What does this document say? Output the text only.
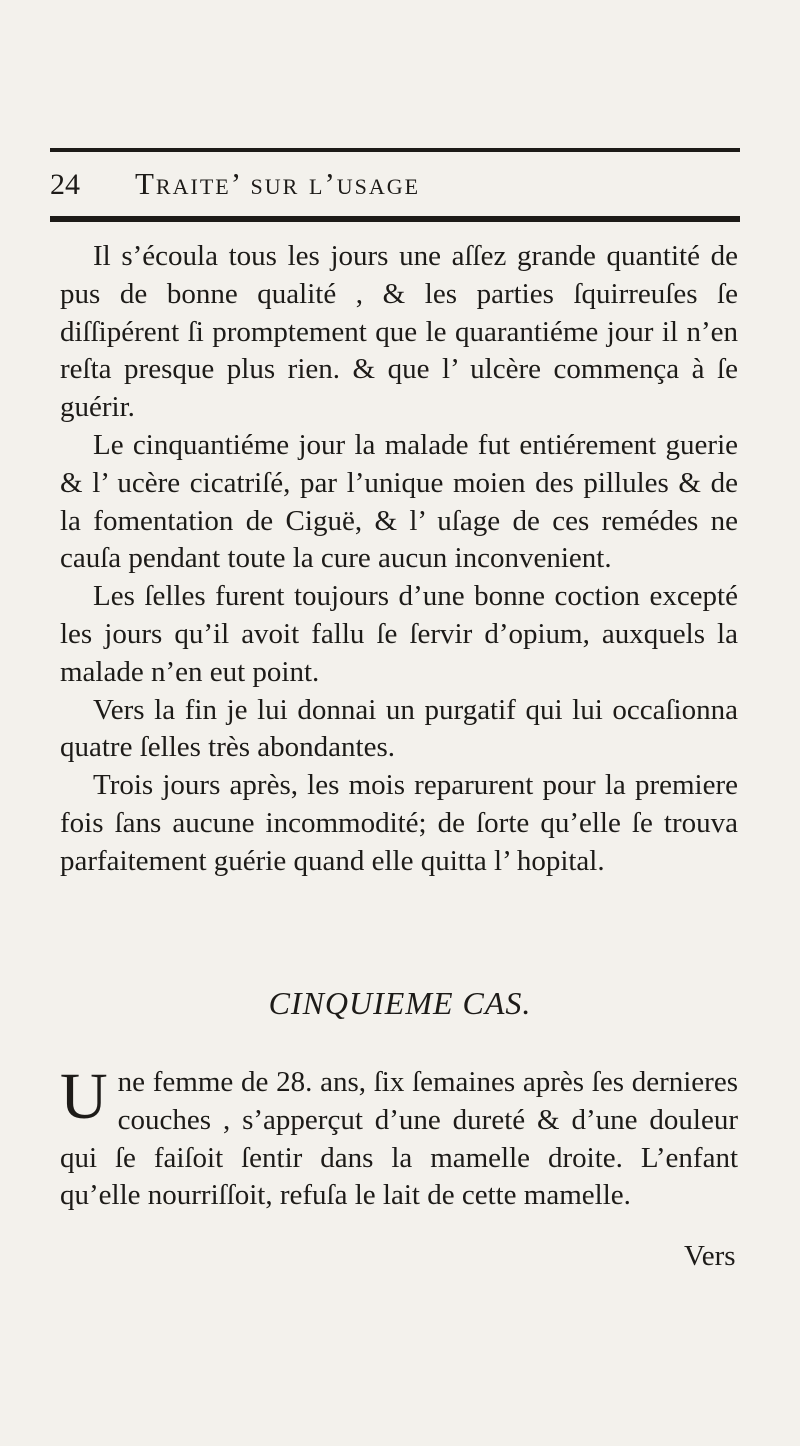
24 Traite’ sur l’usage

Il s’écoula tous les jours une aſſez grande quantité de pus de bonne qualité , & les parties ſquirreuſes ſe diſſipérent ſi promptement que le quarantiéme jour il n’en reſta presque plus rien. & que l’ ulcère commença à ſe guérir.

Le cinquantiéme jour la malade fut entiérement guerie & l’ ucère cicatriſé, par l’unique moien des pillules & de la fomentation de Ciguë, & l’ uſage de ces remédes ne cauſa pendant toute la cure aucun inconvenient.

Les ſelles furent toujours d’une bonne coction excepté les jours qu’il avoit fallu ſe ſervir d’opium, auxquels la malade n’en eut point.

Vers la fin je lui donnai un purgatif qui lui occaſionna quatre ſelles très abondantes.

Trois jours après, les mois reparurent pour la premiere fois ſans aucune incommodité; de ſorte qu’elle ſe trouva parfaitement guérie quand elle quitta l’ hopital.

CINQUIEME CAS.
U ne femme de 28. ans, ſix ſemaines après ſes dernieres couches , s’apperçut d’une dureté & d’une douleur qui ſe faiſoit ſentir dans la mamelle droite. L’enfant qu’elle nourriſſoit, refuſa le lait de cette mamelle.
Vers
